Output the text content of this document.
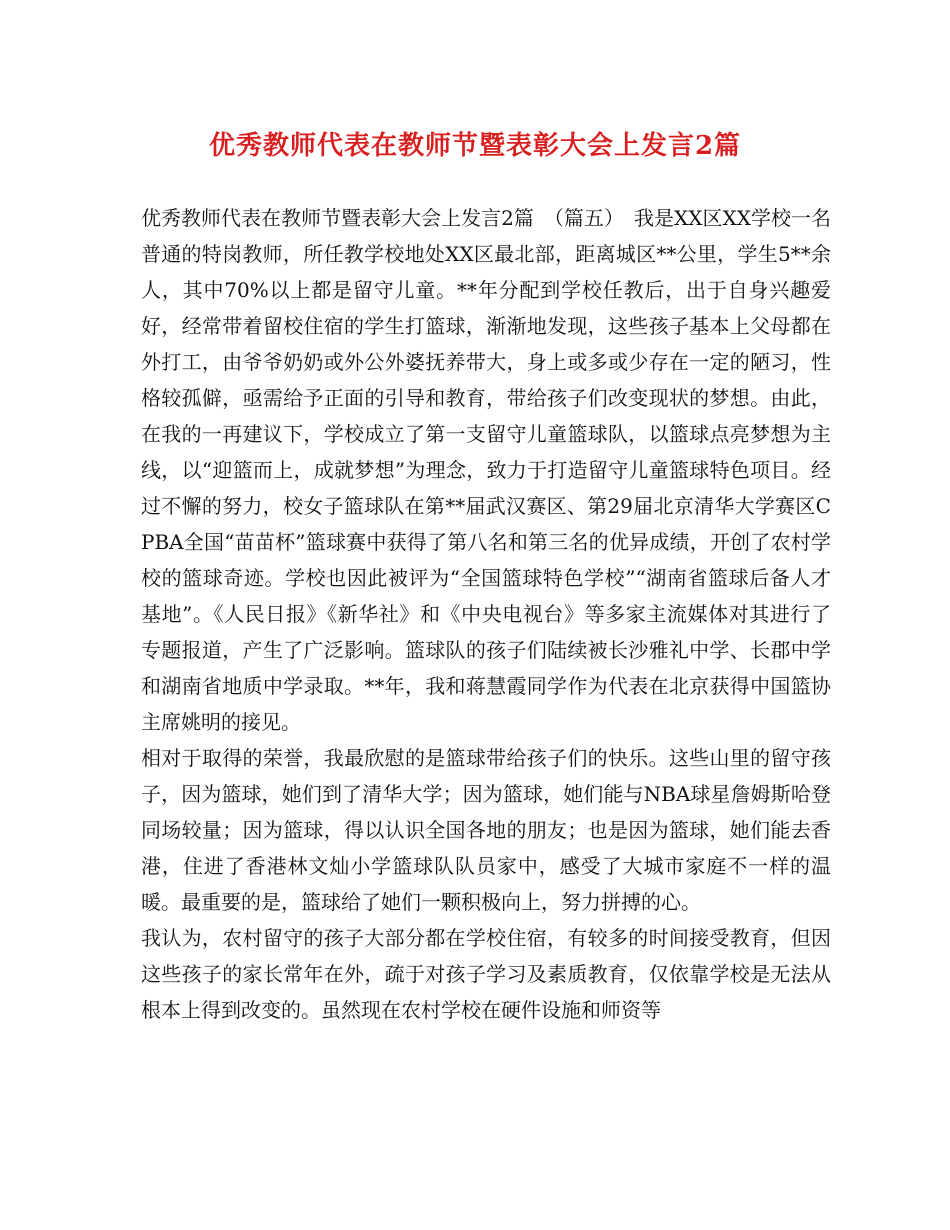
优秀教师代表在教师节暨表彰大会上发言2篇

优秀教师代表在教师节暨表彰大会上发言2篇　（篇五）　我是XX区XX学校一名普通的特岗教师，所任教学校地处XX区最北部，距离城区**公里，学生5**余人，其中70%以上都是留守儿童。**年分配到学校任教后，出于自身兴趣爱好，经常带着留校住宿的学生打篮球，渐渐地发现，这些孩子基本上父母都在外打工，由爷爷奶奶或外公外婆抚养带大，身上或多或少存在一定的陋习，性格较孤僻，亟需给予正面的引导和教育，带给孩子们改变现状的梦想。由此，在我的一再建议下，学校成立了第一支留守儿童篮球队，以篮球点亮梦想为主线，以“迎篮而上，成就梦想”为理念，致力于打造留守儿童篮球特色项目。经过不懈的努力，校女子篮球队在第**届武汉赛区、第29届北京清华大学赛区CPBA全国“苗苗杯”篮球赛中获得了第八名和第三名的优异成绩，开创了农村学校的篮球奇迹。学校也因此被评为“全国篮球特色学校”“湖南省篮球后备人才基地”。《人民日报》《新华社》和《中央电视台》等多家主流媒体对其进行了专题报道，产生了广泛影响。篮球队的孩子们陆续被长沙雅礼中学、长郡中学和湖南省地质中学录取。**年，我和蒋慧霞同学作为代表在北京获得中国篮协主席姚明的接见。

相对于取得的荣誉，我最欣慰的是篮球带给孩子们的快乐。这些山里的留守孩子，因为篮球，她们到了清华大学；因为篮球，她们能与NBA球星詹姆斯哈登同场较量；因为篮球，得以认识全国各地的朋友；也是因为篮球，她们能去香港，住进了香港林文灿小学篮球队队员家中，感受了大城市家庭不一样的温暖。最重要的是，篮球给了她们一颗积极向上，努力拼搏的心。

我认为，农村留守的孩子大部分都在学校住宿，有较多的时间接受教育，但因这些孩子的家长常年在外，疏于对孩子学习及素质教育，仅依靠学校是无法从根本上得到改变的。虽然现在农村学校在硬件设施和师资等
